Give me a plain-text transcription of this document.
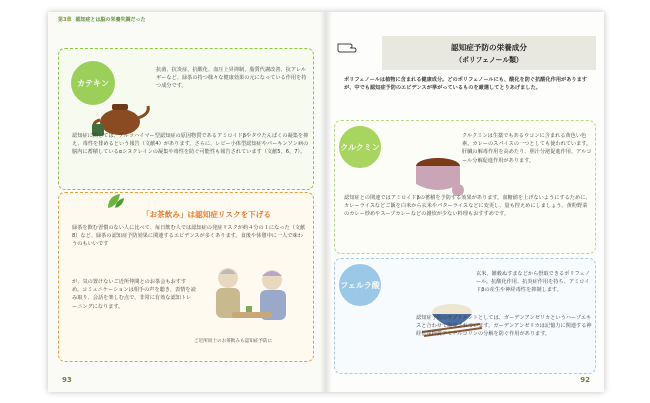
第3章 認知症とは脳の栄養失調だった
カテキン
抗菌、抗炎症、抗酸化、血圧上昇抑制、脂質代謝改善、抗アレルギーなど、緑茶の持つ様々な健康効果の元になっている作用を持つ成分です。
認知症に関しては、アルツハイマー型認知症の原因物質であるアミロイドβやタウたんぱくの凝集を抑え、毒性を排めるという報告（文献4）があります。さらに、レビー小体型認知症やパーキンソン病の脳内に蓄積しているαシヌクレインの凝集や毒性を防ぐ可能性も報告されています（文献5、6、7）。
「お茶飲み」は認知症リスクを下げる
緑茶を飲む習慣のない人に比べて、毎日飲む人では認知症の発症リスクが約４分の１になった（文献8）など、緑茶の認知症予防効果に関連するエビデンスが多くあります。食後や休憩中に一人で味わうのもいいです
が、気の置けないご近所仲間とのお茶会もおすすめ。コミュニケーションは相手の声を聴き、表情を読み取り、会話を楽しむ点で、非常に有効な認知トレーニングになります。
ご近所同士のお茶飲みも認知症予防に
93
認知症予防の栄養成分
（ポリフェノール類）
ポリフェノールは植物に含まれる健康成分。どのポリフェノールにも、酸化を防ぐ抗酸化作用がありますが、中でも認知症予防のエビデンスが挙がっているものを厳選してとりあげました。
クルクミン
クルクミンは生薬でもあるウコンに含まれる黄色い色素。カレーのスパイスの一つとしても使われています。肝臓の解毒作用を高めたり、胆汁分泌促進作用、アルコール分解促進作用があります。
認知症との関連ではアミロイドβの蓄積を予防する効果があります。血糖値を上げないようにするために、カレーライスなどご飯を白米から玄米やパターライスなどに変更し、量も控えめにしましょう。黄粉野菜のカレー炒めやスープカレーなどの雑炊が少ない料理もおすすめです。
フェルラ酸
玄米、雑穀ぬすまなどから摂取できるポリフェノール。抗酸化作用、抗炎症作用を持ち、アミロイドβの産生や神経毒性を抑制します。
認知症予防のサプリメントとしては、ガーデンアンゼリカというハーブエキスと合わせて販売されています。ガーデンアンゼリカは記憶力に関連する神経伝達物質アセチルコリンの分解を防ぐ作用があります。
92
